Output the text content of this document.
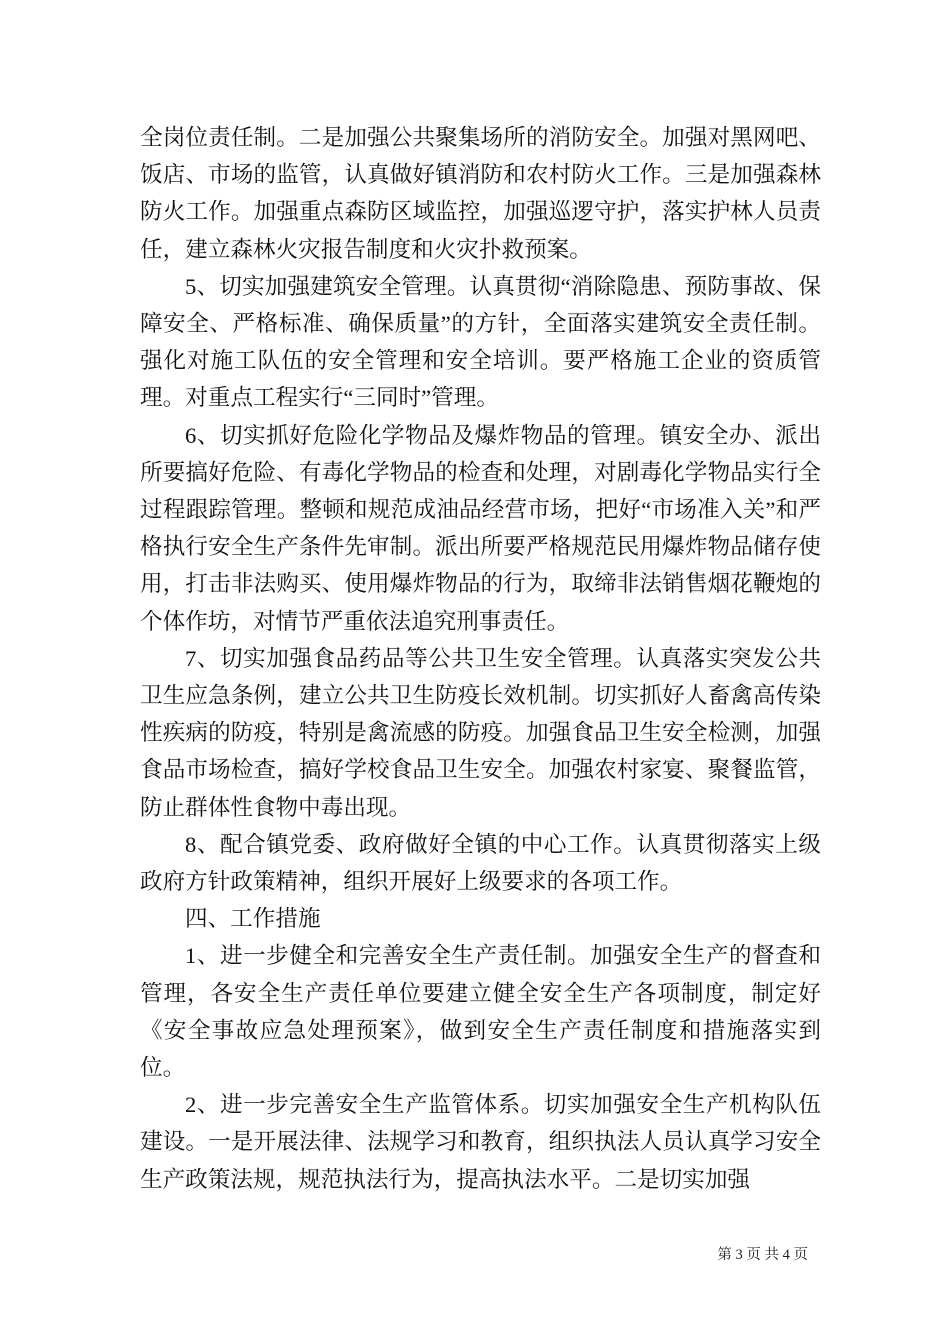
全岗位责任制。二是加强公共聚集场所的消防安全。加强对黑网吧、饭店、市场的监管，认真做好镇消防和农村防火工作。三是加强森林防火工作。加强重点森防区域监控，加强巡逻守护，落实护林人员责任，建立森林火灾报告制度和火灾扑救预案。

5、切实加强建筑安全管理。认真贯彻“消除隐患、预防事故、保障安全、严格标准、确保质量”的方针，全面落实建筑安全责任制。强化对施工队伍的安全管理和安全培训。要严格施工企业的资质管理。对重点工程实行“三同时”管理。

6、切实抓好危险化学物品及爆炸物品的管理。镇安全办、派出所要搞好危险、有毒化学物品的检查和处理，对剧毒化学物品实行全过程跟踪管理。整顿和规范成油品经营市场，把好“市场准入关”和严格执行安全生产条件先审制。派出所要严格规范民用爆炸物品储存使用，打击非法购买、使用爆炸物品的行为，取缔非法销售烟花鞭炮的个体作坊，对情节严重依法追究刑事责任。

7、切实加强食品药品等公共卫生安全管理。认真落实突发公共卫生应急条例，建立公共卫生防疫长效机制。切实抓好人畜禽高传染性疾病的防疫，特别是禽流感的防疫。加强食品卫生安全检测，加强食品市场检查，搞好学校食品卫生安全。加强农村家宴、聚餐监管，防止群体性食物中毒出现。

8、配合镇党委、政府做好全镇的中心工作。认真贯彻落实上级政府方针政策精神，组织开展好上级要求的各项工作。

四、工作措施

1、进一步健全和完善安全生产责任制。加强安全生产的督查和管理，各安全生产责任单位要建立健全安全生产各项制度，制定好《安全事故应急处理预案》，做到安全生产责任制度和措施落实到位。

2、进一步完善安全生产监管体系。切实加强安全生产机构队伍建设。一是开展法律、法规学习和教育，组织执法人员认真学习安全生产政策法规，规范执法行为，提高执法水平。二是切实加强

第 3 页 共 4 页
